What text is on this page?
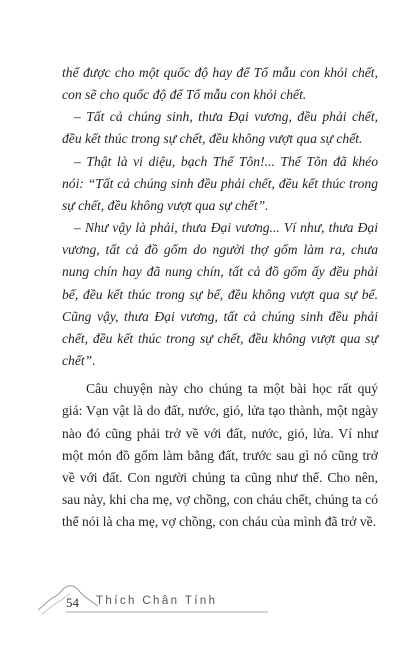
thể được cho một quốc độ hay để Tổ mẫu con khỏi chết, con sẽ cho quốc độ để Tổ mẫu con khỏi chết.

– Tất cả chúng sinh, thưa Đại vương, đều phải chết, đều kết thúc trong sự chết, đều không vượt qua sự chết.

– Thật là vi diệu, bạch Thế Tôn!... Thế Tôn đã khéo nói: “Tất cả chúng sinh đều phải chết, đều kết thúc trong sự chết, đều không vượt qua sự chết”.

– Như vậy là phải, thưa Đại vương... Ví như, thưa Đại vương, tất cả đồ gốm do người thợ gốm làm ra, chưa nung chín hay đã nung chín, tất cả đồ gốm ấy đều phải bể, đều kết thúc trong sự bể, đều không vượt qua sự bể. Cũng vậy, thưa Đại vương, tất cả chúng sinh đều phải chết, đều kết thúc trong sự chết, đều không vượt qua sự chết”.

Câu chuyện này cho chúng ta một bài học rất quý giá: Vạn vật là do đất, nước, gió, lửa tạo thành, một ngày nào đó cũng phải trở về với đất, nước, gió, lửa. Ví như một món đồ gốm làm bằng đất, trước sau gì nó cũng trở về với đất. Con người chúng ta cũng như thế. Cho nên, sau này, khi cha mẹ, vợ chồng, con cháu chết, chúng ta có thể nói là cha mẹ, vợ chồng, con cháu của mình đã trở về.

54 Thích Chân Tính
